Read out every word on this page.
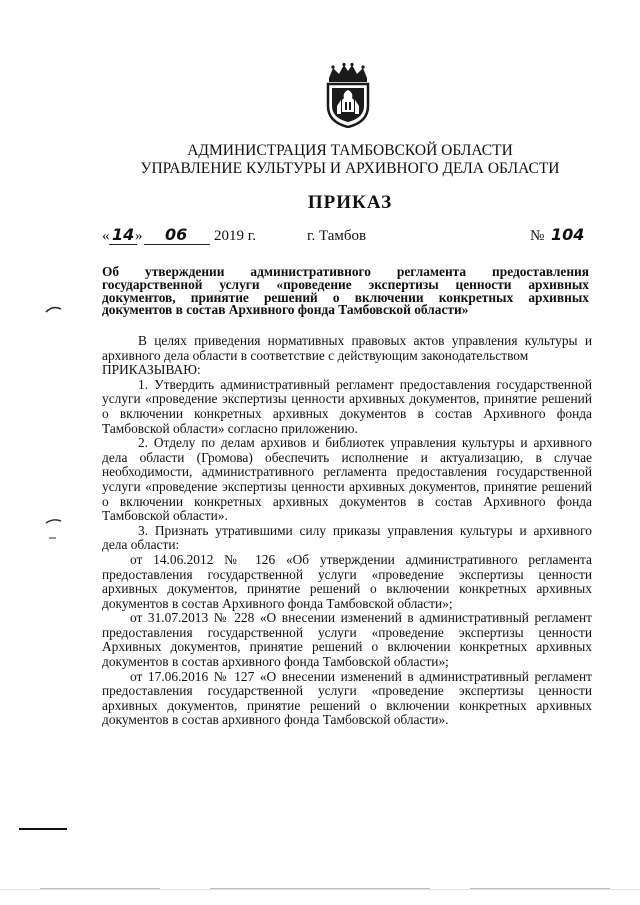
АДМИНИСТРАЦИЯ ТАМБОВСКОЙ ОБЛАСТИ
УПРАВЛЕНИЕ КУЛЬТУРЫ И АРХИВНОГО ДЕЛА ОБЛАСТИ
ПРИКАЗ
« 14 » 06 2019 г.	г. Тамбов	№ 104
Об утверждении административного регламента предоставления государственной услуги «проведение экспертизы ценности архивных документов, принятие решений о включении конкретных архивных документов в состав Архивного фонда Тамбовской области»

В целях приведения нормативных правовых актов управления культуры и архивного дела области в соответствие с действующим законодательством

ПРИКАЗЫВАЮ:

1. Утвердить административный регламент предоставления государственной услуги «проведение экспертизы ценности архивных документов, принятие решений о включении конкретных архивных документов в состав Архивного фонда Тамбовской области» согласно приложению.

2. Отделу по делам архивов и библиотек управления культуры и архивного дела области (Громова) обеспечить исполнение и актуализацию, в случае необходимости, административного регламента предоставления государственной услуги «проведение экспертизы ценности архивных документов, принятие решений о включении конкретных архивных документов в состав Архивного фонда Тамбовской области».

3. Признать утратившими силу приказы управления культуры и архивного дела области:

от 14.06.2012 № 126 «Об утверждении административного регламента предоставления государственной услуги «проведение экспертизы ценности архивных документов, принятие решений о включении конкретных архивных документов в состав Архивного фонда Тамбовской области»;

от 31.07.2013 № 228 «О внесении изменений в административный регламент предоставления государственной услуги «проведение экспертизы ценности Архивных документов, принятие решений о включении конкретных архивных документов в состав архивного фонда Тамбовской области»;

от 17.06.2016 № 127 «О внесении изменений в административный регламент предоставления государственной услуги «проведение экспертизы ценности архивных документов, принятие решений о включении конкретных архивных документов в состав архивного фонда Тамбовской области».
